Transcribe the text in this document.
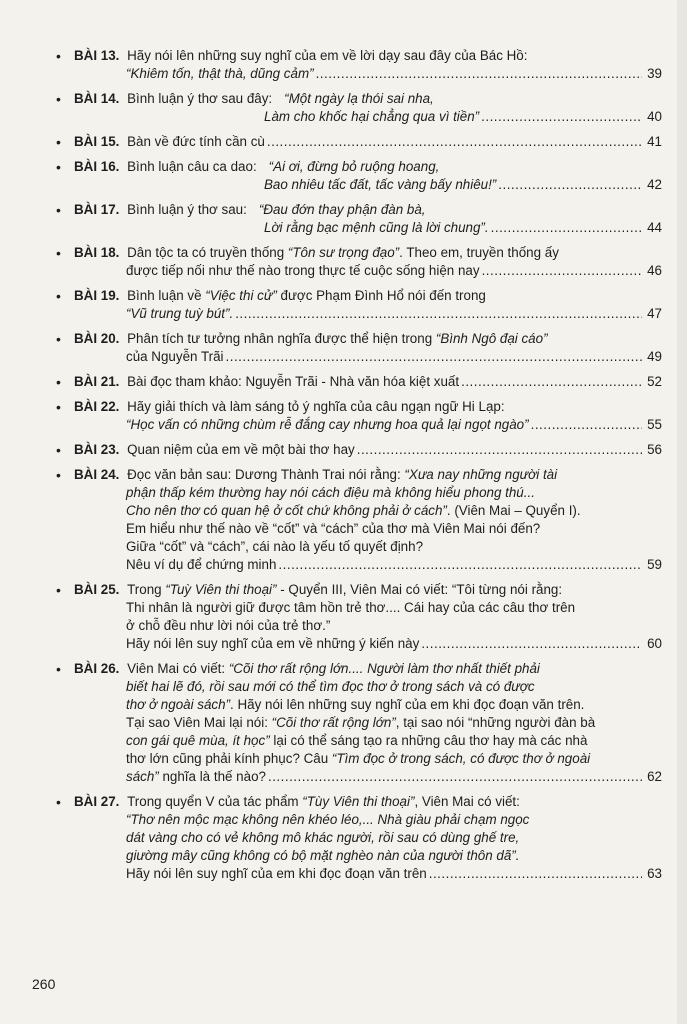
• BÀI 13. Hãy nói lên những suy nghĩ của em về lời dạy sau đây của Bác Hồ:
“Khiêm tốn, thật thà, dũng cảm” .....	39
• BÀI 14. Bình luận ý thơ sau đây: “Một ngày lạ thói sai nha,
Làm cho khốc hại chẳng qua vì tiền” .....	40
• BÀI 15. Bàn về đức tính cần cù .....	41
• BÀI 16. Bình luận câu ca dao: “Ai ơi, đừng bỏ ruộng hoang,
Bao nhiêu tấc đất, tấc vàng bấy nhiêu!” .....	42
• BÀI 17. Bình luận ý thơ sau: “Đau đớn thay phận đàn bà,
Lời rằng bạc mệnh cũng là lời chung”. .....	44
• BÀI 18. Dân tộc ta có truyền thống “Tôn sư trọng đạo”. Theo em, truyền thống ấy
được tiếp nối như thế nào trong thực tế cuộc sống hiện nay .....	46
• BÀI 19. Bình luận về “Việc thi cử” được Phạm Đình Hổ nói đến trong
“Vũ trung tuỳ bút”. .....	47
• BÀI 20. Phân tích tư tưởng nhân nghĩa được thể hiện trong “Bình Ngô đại cáo”
của Nguyễn Trãi .....	49
• BÀI 21. Bài đọc tham khảo: Nguyễn Trãi - Nhà văn hóa kiệt xuất .....	52
• BÀI 22. Hãy giải thích và làm sáng tỏ ý nghĩa của câu ngạn ngữ Hi Lạp:
“Học vấn có những chùm rễ đắng cay nhưng hoa quả lại ngọt ngào” .....	55
• BÀI 23. Quan niệm của em về một bài thơ hay .....	56
• BÀI 24. Đọc văn bản sau: Dương Thành Trai nói rằng: “Xưa nay những người tài
phận thấp kém thường hay nói cách điệu mà không hiểu phong thú...
Cho nên thơ có quan hệ ở cốt chứ không phải ở cách”. (Viên Mai – Quyển I).
Em hiểu như thế nào về “cốt” và “cách” của thơ mà Viên Mai nói đến?
Giữa “cốt” và “cách”, cái nào là yếu tố quyết định?
Nêu ví dụ để chứng minh .....	59
• BÀI 25. Trong “Tuỳ Viên thi thoại” - Quyển III, Viên Mai có viết: “Tôi từng nói rằng:
Thi nhân là người giữ được tâm hồn trẻ thơ.... Cái hay của các câu thơ trên
ở chỗ đều như lời nói của trẻ thơ.”
Hãy nói lên suy nghĩ của em về những ý kiến này .....	60
• BÀI 26. Viên Mai có viết: “Cõi thơ rất rộng lớn.... Người làm thơ nhất thiết phải
biết hai lẽ đó, rồi sau mới có thể tìm đọc thơ ở trong sách và có được
thơ ở ngoài sách”. Hãy nói lên những suy nghĩ của em khi đọc đoạn văn trên.
Tại sao Viên Mai lại nói: “Cõi thơ rất rộng lớn”, tại sao nói “những người đàn bà
con gái quê mùa, ít học” lại có thể sáng tạo ra những câu thơ hay mà các nhà
thơ lớn cũng phải kính phục? Câu “Tìm đọc ở trong sách, có được thơ ở ngoài
sách” nghĩa là thế nào? .....	62
• BÀI 27. Trong quyển V của tác phẩm “Tùy Viên thi thoại”, Viên Mai có viết:
“Thơ nên mộc mạc không nên khéo léo,... Nhà giàu phải chạm ngọc
dát vàng cho có vẻ không mô khác người, rồi sau có dùng ghế tre,
giường mây cũng không có bộ mặt nghèo nàn của người thôn dã”.
Hãy nói lên suy nghĩ của em khi đọc đoạn văn trên .....	63
260
